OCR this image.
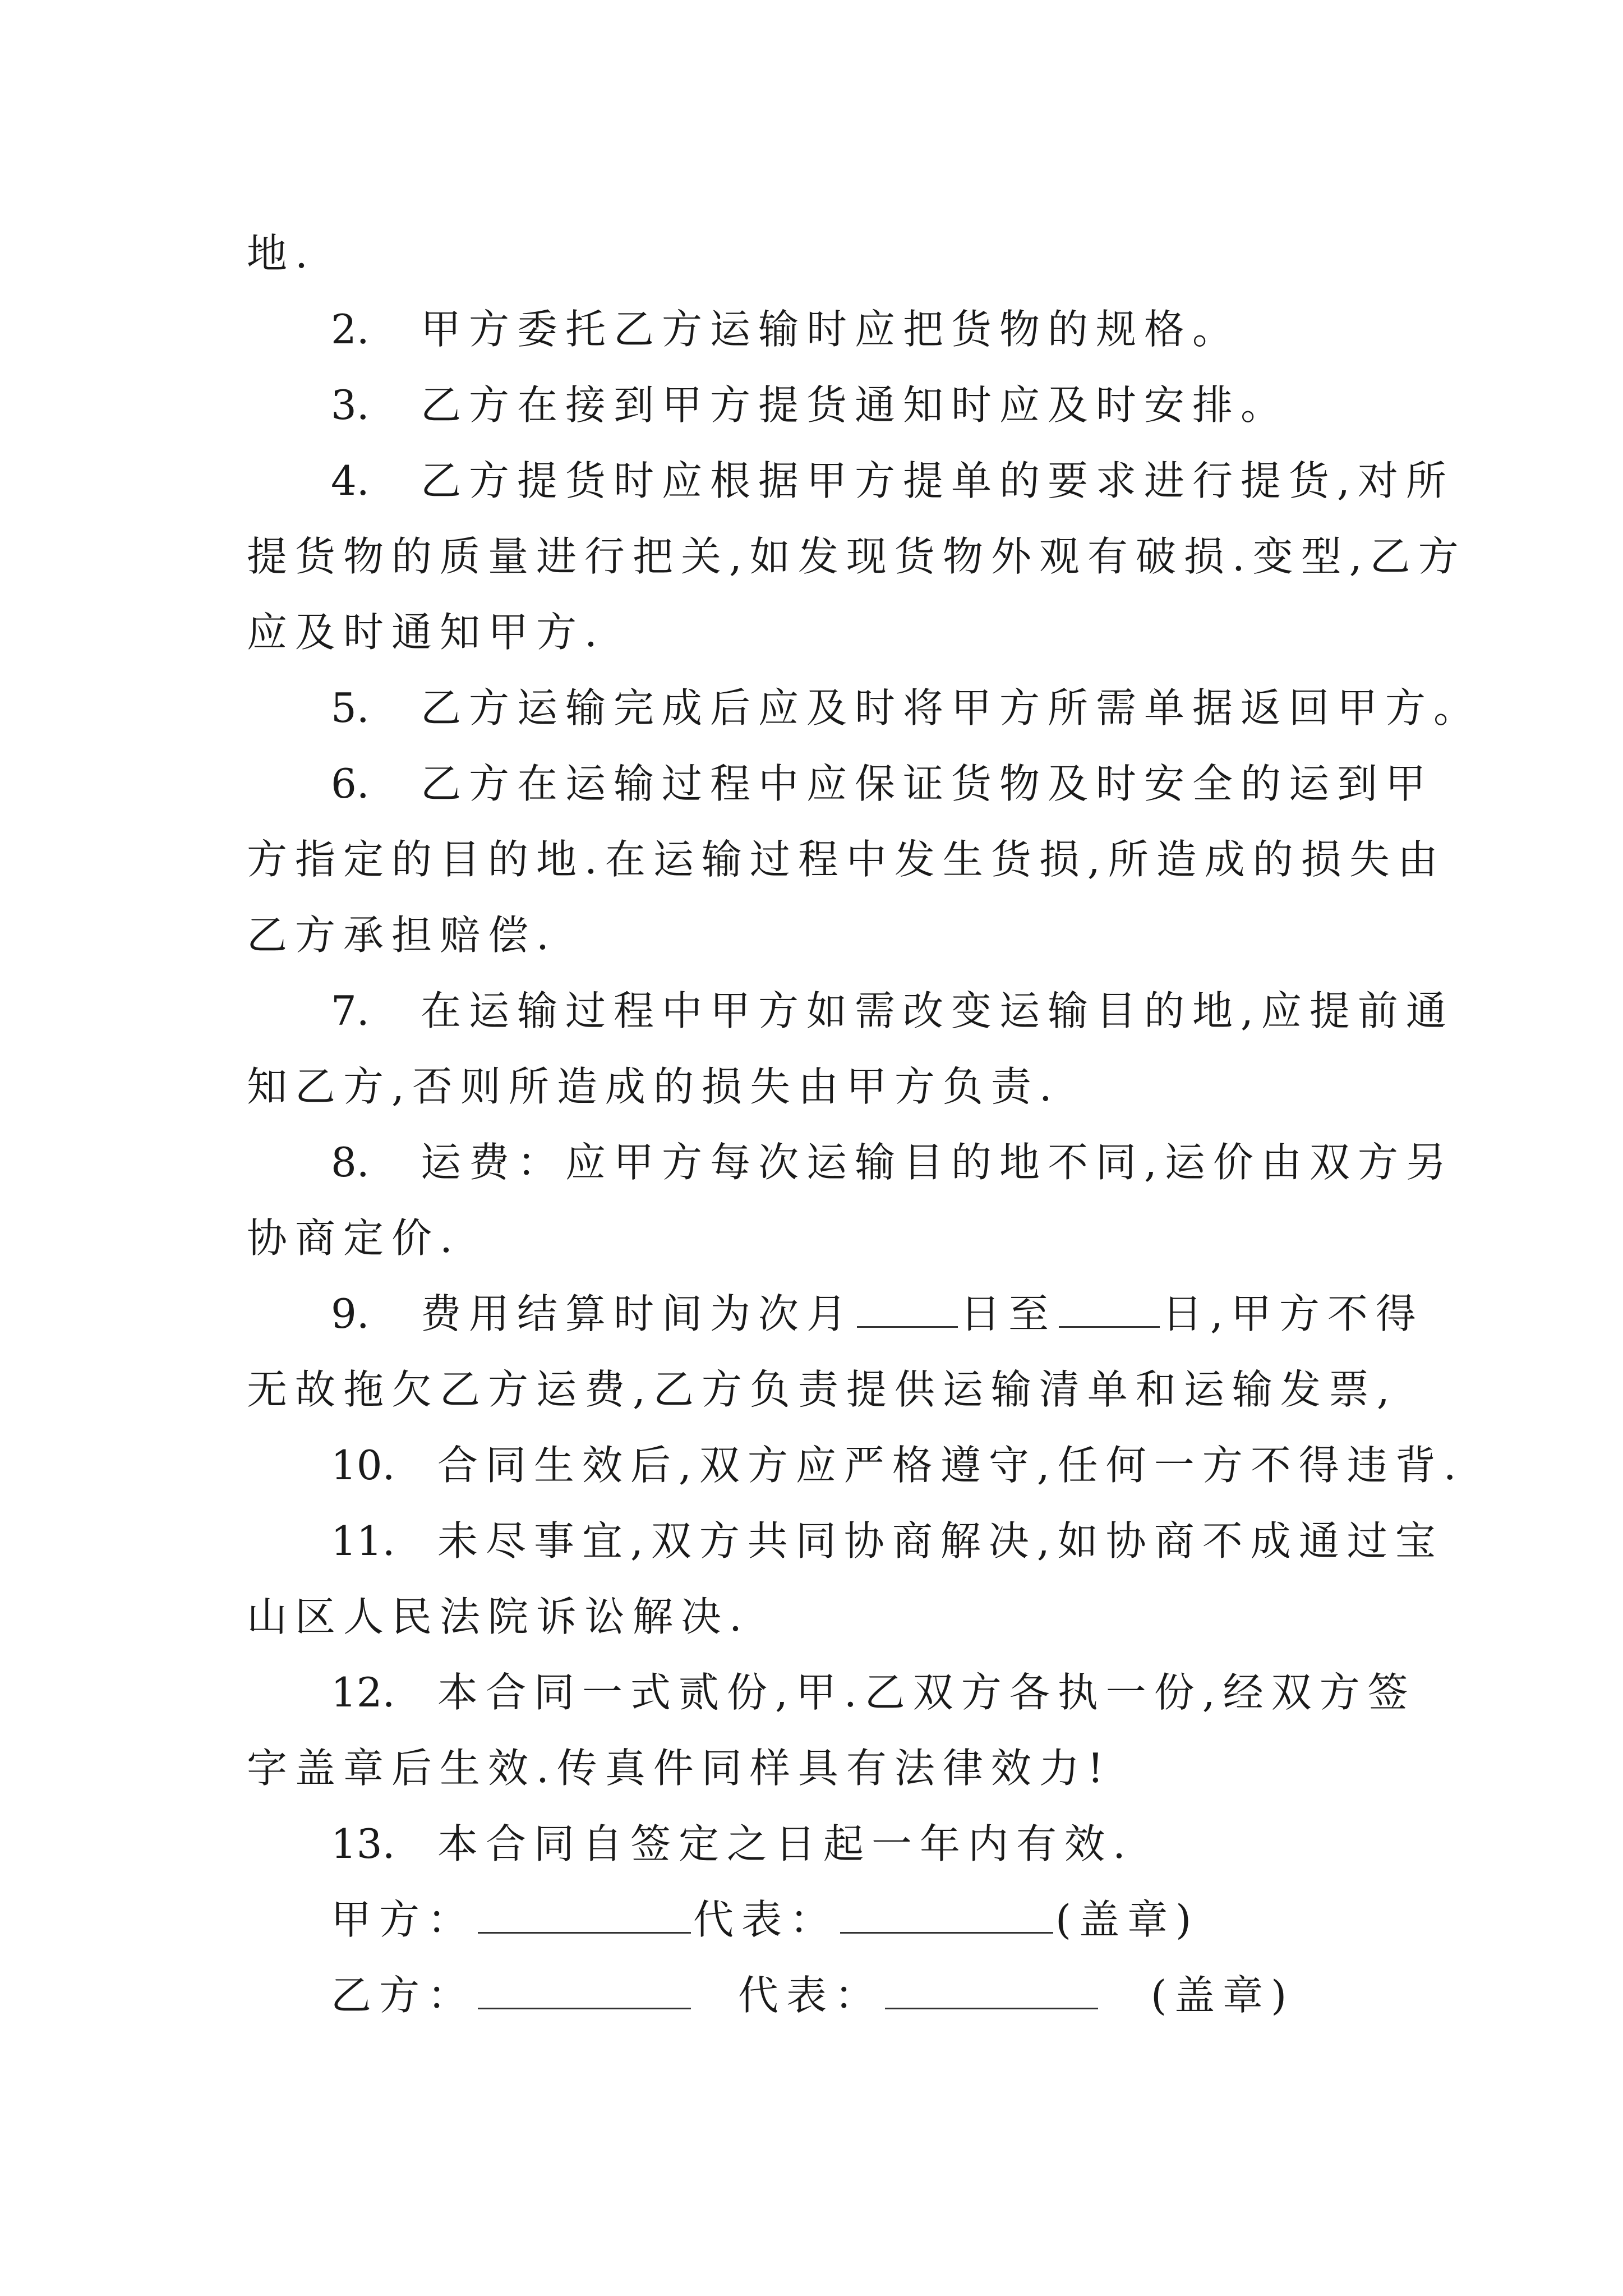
地.
2. 甲方委托乙方运输时应把货物的规格。
3. 乙方在接到甲方提货通知时应及时安排。
4. 乙方提货时应根据甲方提单的要求进行提货,对所
提货物的质量进行把关,如发现货物外观有破损.变型,乙方
应及时通知甲方.
5. 乙方运输完成后应及时将甲方所需单据返回甲方。
6. 乙方在运输过程中应保证货物及时安全的运到甲
方指定的目的地.在运输过程中发生货损,所造成的损失由
乙方承担赔偿.
7. 在运输过程中甲方如需改变运输目的地,应提前通
知乙方,否则所造成的损失由甲方负责.
8. 运费：应甲方每次运输目的地不同,运价由双方另
协商定价.
9. 费用结算时间为次月	日至	日,甲方不得
无故拖欠乙方运费,乙方负责提供运输清单和运输发票,
10. 合同生效后,双方应严格遵守,任何一方不得违背.
11. 未尽事宜,双方共同协商解决,如协商不成通过宝
山区人民法院诉讼解决.
12. 本合同一式贰份,甲.乙双方各执一份,经双方签
字盖章后生效.传真件同样具有法律效力!
13. 本合同自签定之日起一年内有效.
甲方：	代表：	(盖章)
乙方：	代表：	(盖章)
